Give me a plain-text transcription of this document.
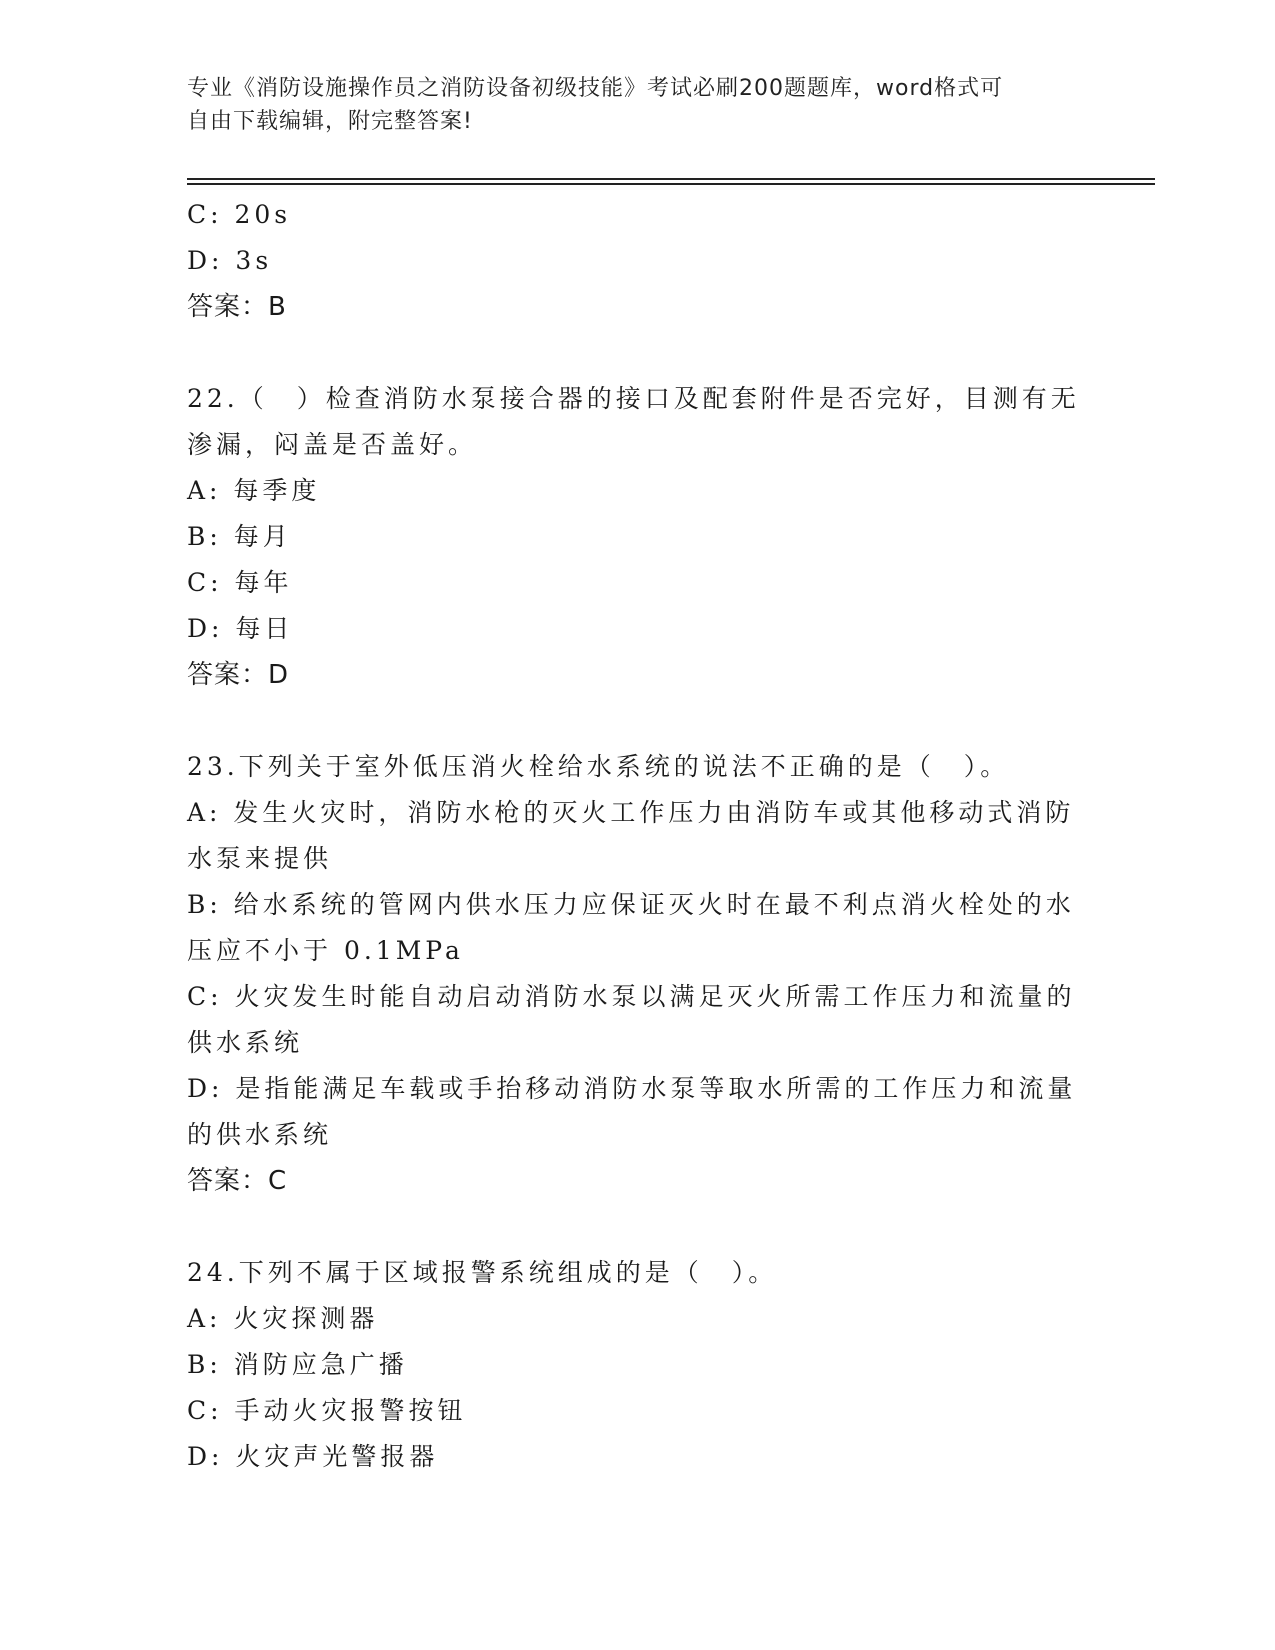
专业《消防设施操作员之消防设备初级技能》考试必刷200题题库，word格式可
自由下载编辑，附完整答案!
C: 20s
D: 3s
答案：B
22.（　）检查消防水泵接合器的接口及配套附件是否完好，目测有无
渗漏，闷盖是否盖好。
A: 每季度
B: 每月
C: 每年
D: 每日
答案：D
23.下列关于室外低压消火栓给水系统的说法不正确的是（　）。
A: 发生火灾时，消防水枪的灭火工作压力由消防车或其他移动式消防
水泵来提供
B: 给水系统的管网内供水压力应保证灭火时在最不利点消火栓处的水
压应不小于 0.1MPa
C: 火灾发生时能自动启动消防水泵以满足灭火所需工作压力和流量的
供水系统
D: 是指能满足车载或手抬移动消防水泵等取水所需的工作压力和流量
的供水系统
答案：C
24.下列不属于区域报警系统组成的是（　）。
A: 火灾探测器
B: 消防应急广播
C: 手动火灾报警按钮
D: 火灾声光警报器
